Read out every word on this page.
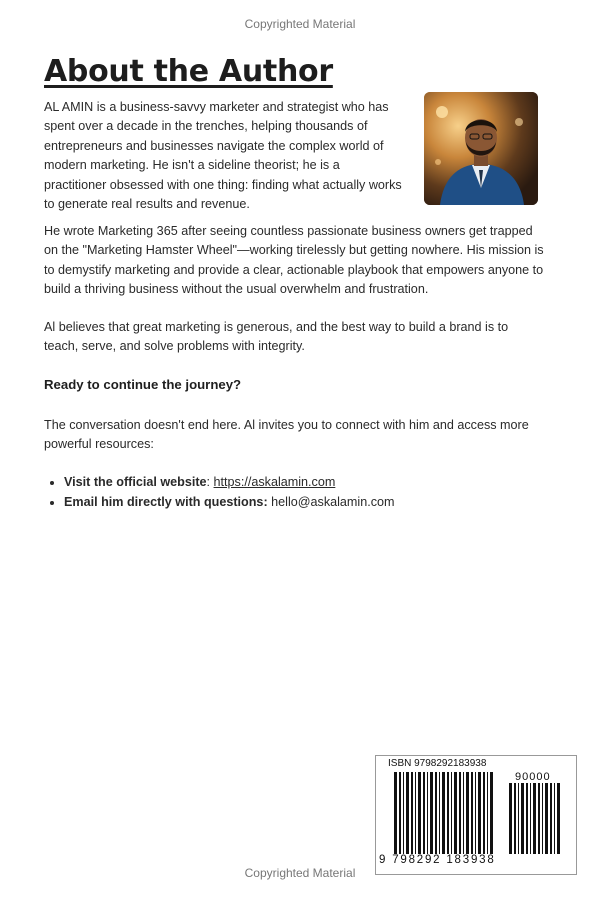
Copyrighted Material
About the Author

AL AMIN is a business-savvy marketer and strategist who has spent over a decade in the trenches, helping thousands of entrepreneurs and businesses navigate the complex world of modern marketing. He isn't a sideline theorist; he is a practitioner obsessed with one thing: finding what actually works to generate real results and revenue.

He wrote Marketing 365 after seeing countless passionate business owners get trapped on the "Marketing Hamster Wheel"—working tirelessly but getting nowhere. His mission is to demystify marketing and provide a clear, actionable playbook that empowers anyone to build a thriving business without the usual overwhelm and frustration.

Al believes that great marketing is generous, and the best way to build a brand is to teach, serve, and solve problems with integrity.

Ready to continue the journey?

The conversation doesn't end here. Al invites you to connect with him and access more powerful resources:

• Visit the official website: https://askalamin.com
• Email him directly with questions: hello@askalamin.com
ISBN 9798292183938
90000
9 798292 183938
Copyrighted Material
